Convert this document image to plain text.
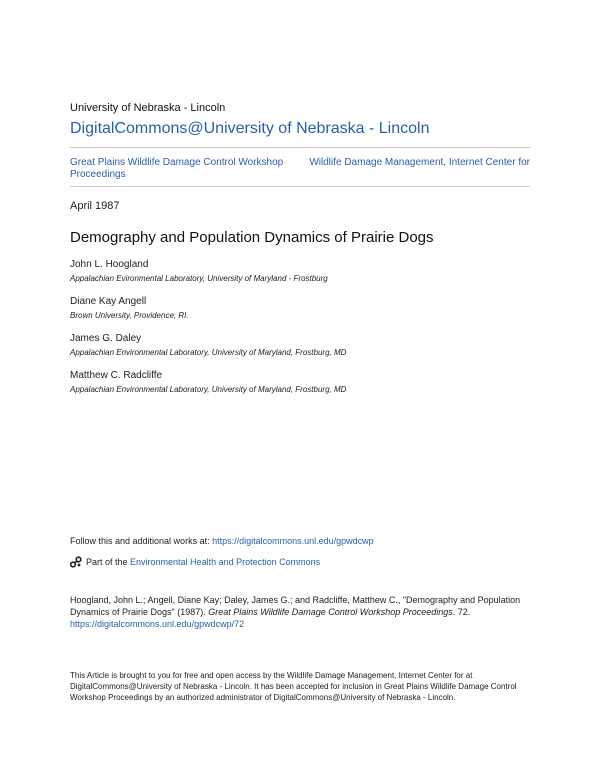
University of Nebraska - Lincoln
DigitalCommons@University of Nebraska - Lincoln
Great Plains Wildlife Damage Control Workshop Proceedings
Wildlife Damage Management, Internet Center for
April 1987
Demography and Population Dynamics of Prairie Dogs
John L. Hoogland
Appalachian Evironmental Laboratory, University of Maryland - Frostburg
Diane Kay Angell
Brown University, Providence, RI.
James G. Daley
Appalachian Environmental Laboratory, University of Maryland, Frostburg, MD
Matthew C. Radcliffe
Appalachian Environmental Laboratory, University of Maryland, Frostburg, MD
Follow this and additional works at: https://digitalcommons.unl.edu/gpwdcwp
Part of the Environmental Health and Protection Commons
Hoogland, John L.; Angell, Diane Kay; Daley, James G.; and Radcliffe, Matthew C., "Demography and Population Dynamics of Prairie Dogs" (1987). Great Plains Wildlife Damage Control Workshop Proceedings. 72.
https://digitalcommons.unl.edu/gpwdcwp/72
This Article is brought to you for free and open access by the Wildlife Damage Management, Internet Center for at DigitalCommons@University of Nebraska - Lincoln. It has been accepted for inclusion in Great Plains Wildlife Damage Control Workshop Proceedings by an authorized administrator of DigitalCommons@University of Nebraska - Lincoln.
